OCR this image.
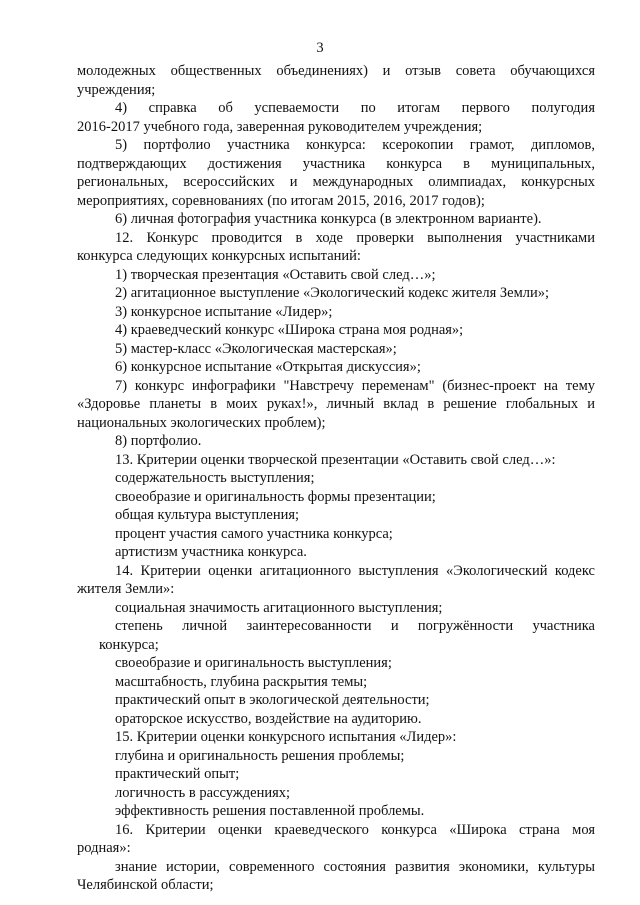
3
молодежных общественных объединениях) и отзыв совета обучающихся
учреждения;
4) справка об успеваемости по итогам первого полугодия
2016-2017 учебного года, заверенная руководителем учреждения;
5) портфолио участника конкурса: ксерокопии грамот, дипломов,
подтверждающих достижения участника конкурса в муниципальных,
региональных, всероссийских и международных олимпиадах, конкурсных
мероприятиях, соревнованиях (по итогам 2015, 2016, 2017 годов);
6) личная фотография участника конкурса (в электронном варианте).
12. Конкурс проводится в ходе проверки выполнения участниками
конкурса следующих конкурсных испытаний:
1) творческая презентация «Оставить свой след…»;
2) агитационное выступление «Экологический кодекс жителя Земли»;
3) конкурсное испытание «Лидер»;
4) краеведческий конкурс «Широка страна моя родная»;
5) мастер-класс «Экологическая мастерская»;
6) конкурсное испытание «Открытая дискуссия»;
7) конкурс инфографики "Навстречу переменам" (бизнес-проект на тему
«Здоровье планеты в моих руках!», личный вклад в решение глобальных и
национальных экологических проблем);
8) портфолио.
13. Критерии оценки творческой презентации «Оставить свой след…»:
содержательность выступления;
своеобразие и оригинальность формы презентации;
общая культура выступления;
процент участия самого участника конкурса;
артистизм участника конкурса.
14. Критерии оценки агитационного выступления «Экологический кодекс
жителя Земли»:
социальная значимость агитационного выступления;
степень личной заинтересованности и погружённости участника
конкурса;
своеобразие и оригинальность выступления;
масштабность, глубина раскрытия темы;
практический опыт в экологической деятельности;
ораторское искусство, воздействие на аудиторию.
15. Критерии оценки конкурсного испытания «Лидер»:
глубина и оригинальность решения проблемы;
практический опыт;
логичность в рассуждениях;
эффективность решения поставленной проблемы.
16. Критерии оценки краеведческого конкурса «Широка страна моя
родная»:
знание истории, современного состояния развития экономики, культуры
Челябинской области;
